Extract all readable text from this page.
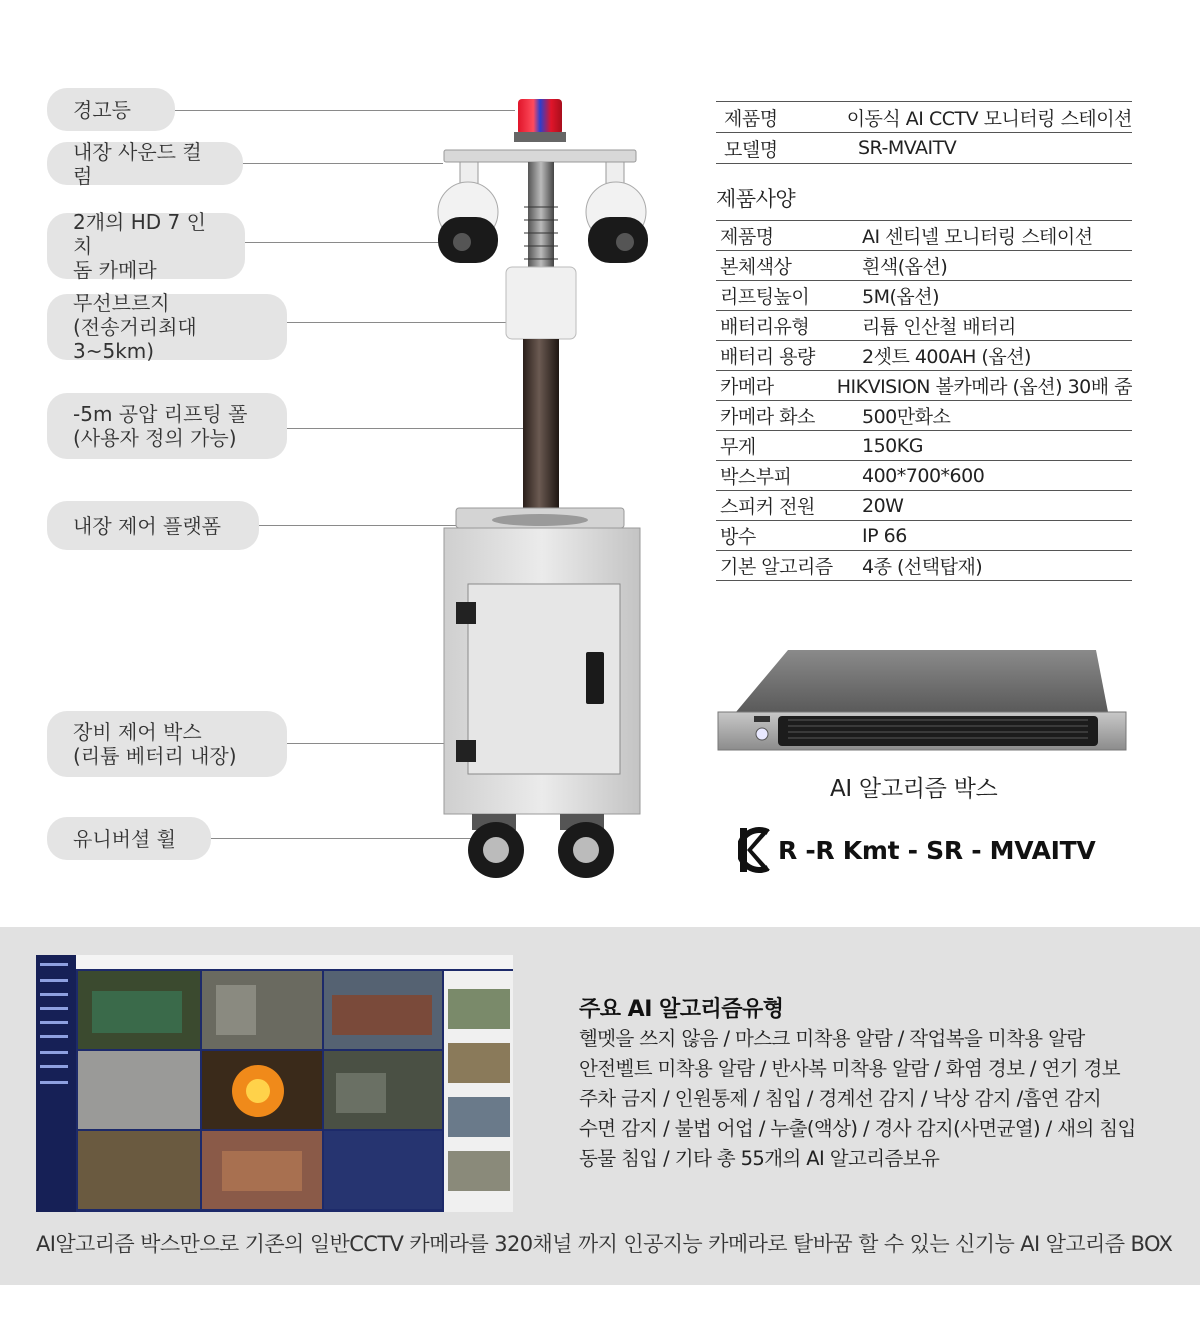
경고등
내장 사운드 컬럼
2개의 HD 7 인치
돔 카메라
무선브르지
(전송거리최대 3~5km)
-5m 공압 리프팅 폴
(사용자 정의 가능)
내장 제어 플랫폼
장비 제어 박스
(리튬 베터리 내장)
유니버셜 휠
제품명	이동식 AI CCTV 모니터링 스테이션
모델명	SR-MVAITV
제품사양
제품명	AI 센티넬 모니터링 스테이션
본체색상	흰색(옵션)
리프팅높이	5M(옵션)
배터리유형	리튬 인산철 배터리
배터리 용량	2셋트 400AH (옵션)
카메라	HIKVISION 볼카메라 (옵션) 30배 줌
카메라 화소	500만화소
무게	150KG
박스부피	400*700*600
스피커 전원	20W
방수	IP 66
기본 알고리즘	4종 (선택탑재)
AI 알고리즘 박스
R -R Kmt - SR - MVAITV
주요 AI 알고리즘유형
헬멧을 쓰지 않음 / 마스크 미착용 알람 / 작업복을 미착용 알람
안전벨트 미착용 알람 / 반사복 미착용 알람 / 화염 경보 / 연기 경보
주차 금지 / 인원통제 / 침입 / 경계선 감지 / 낙상 감지 /흡연 감지
수면 감지 / 불법 어업 / 누출(액상) / 경사 감지(사면균열) / 새의 침입
동물 침입 / 기타 총 55개의 AI 알고리즘보유
AI알고리즘 박스만으로 기존의 일반CCTV 카메라를 320채널 까지 인공지능 카메라로 탈바꿈 할 수 있는 신기능 AI 알고리즘 BOX
